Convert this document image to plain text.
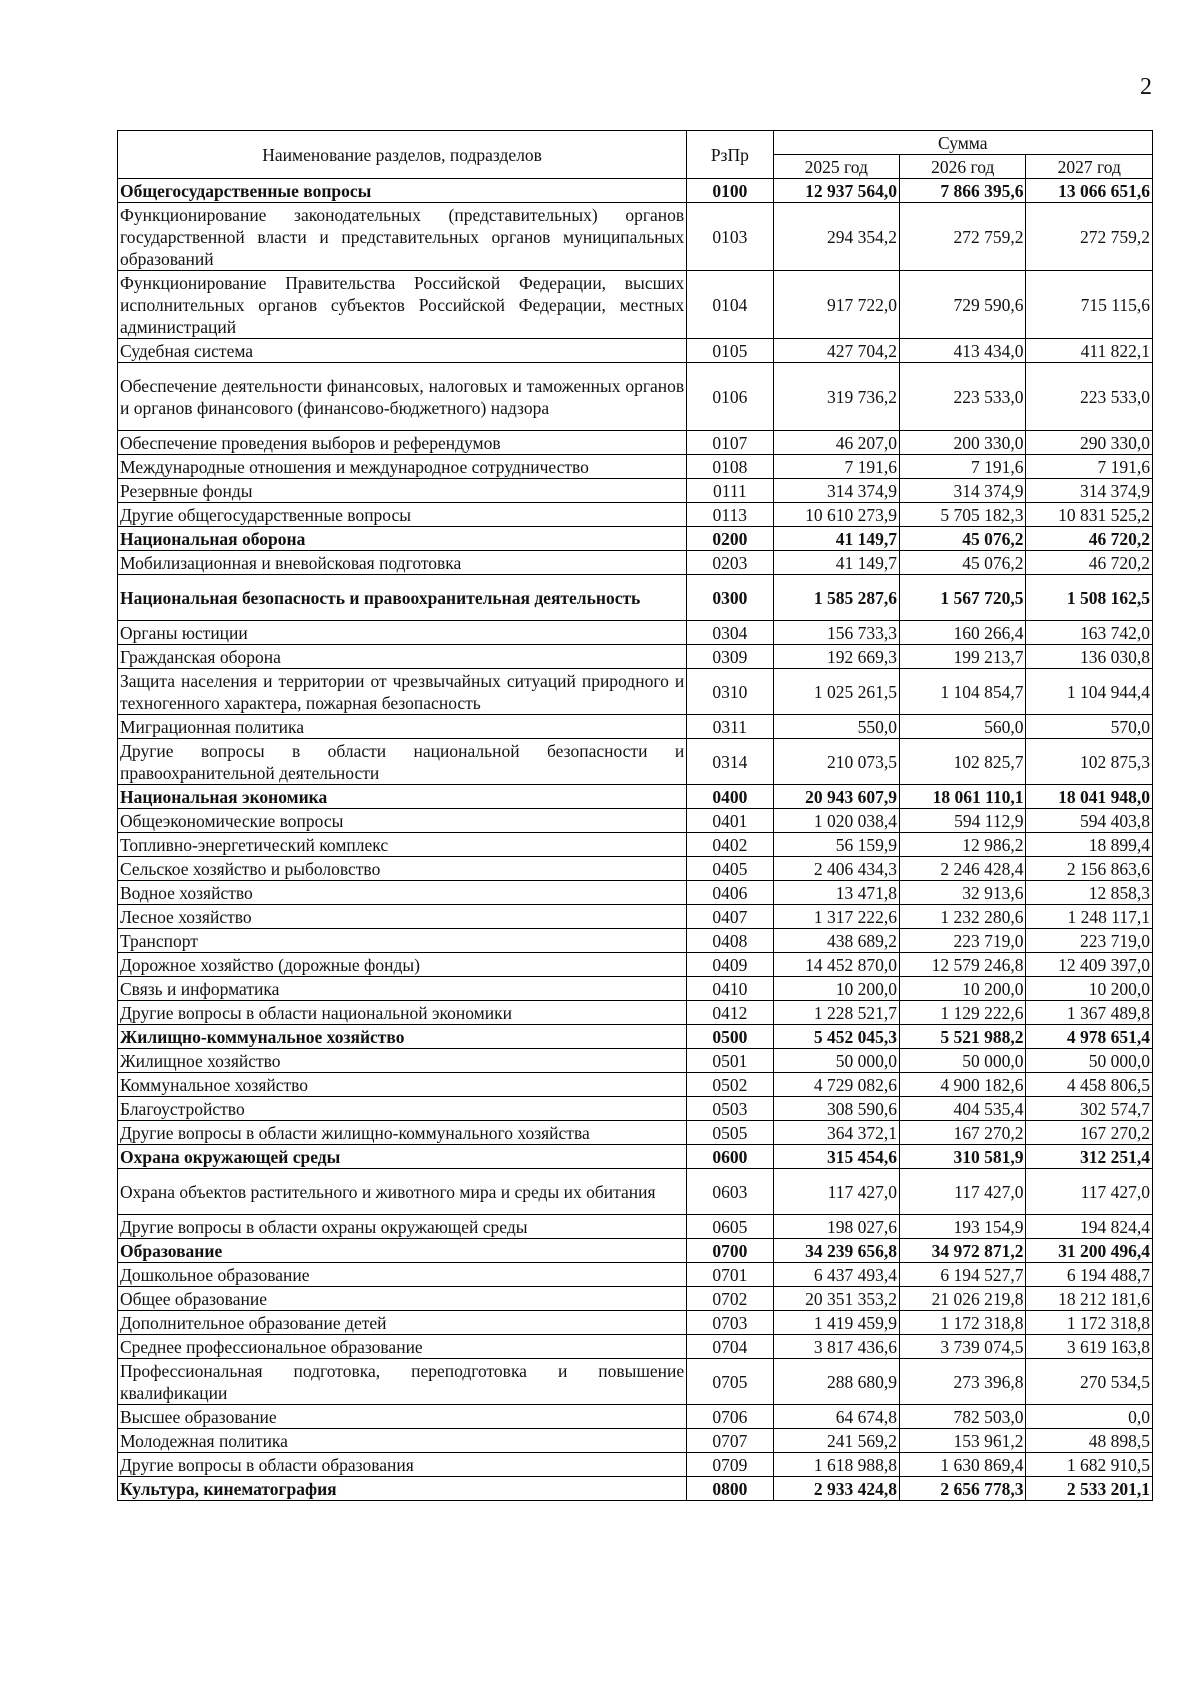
2
Наименование разделов, подразделов	РзПр	Сумма		
		2025 год	2026 год	2027 год
Общегосударственные вопросы	0100	12 937 564,0	7 866 395,6	13 066 651,6
Функционирование законодательных (представительных) органов государственной власти и представительных органов муниципальных образований	0103	294 354,2	272 759,2	272 759,2
Функционирование Правительства Российской Федерации, высших исполнительных органов субъектов Российской Федерации, местных администраций	0104	917 722,0	729 590,6	715 115,6
Судебная система	0105	427 704,2	413 434,0	411 822,1
Обеспечение деятельности финансовых, налоговых и таможенных органов и органов финансового (финансово-бюджетного) надзора	0106	319 736,2	223 533,0	223 533,0
Обеспечение проведения выборов и референдумов	0107	46 207,0	200 330,0	290 330,0
Международные отношения и международное сотрудничество	0108	7 191,6	7 191,6	7 191,6
Резервные фонды	0111	314 374,9	314 374,9	314 374,9
Другие общегосударственные вопросы	0113	10 610 273,9	5 705 182,3	10 831 525,2
Национальная оборона	0200	41 149,7	45 076,2	46 720,2
Мобилизационная и вневойсковая подготовка	0203	41 149,7	45 076,2	46 720,2
Национальная безопасность и правоохранительная деятельность	0300	1 585 287,6	1 567 720,5	1 508 162,5
Органы юстиции	0304	156 733,3	160 266,4	163 742,0
Гражданская оборона	0309	192 669,3	199 213,7	136 030,8
Защита населения и территории от чрезвычайных ситуаций природного и техногенного характера, пожарная безопасность	0310	1 025 261,5	1 104 854,7	1 104 944,4
Миграционная политика	0311	550,0	560,0	570,0
Другие вопросы в области национальной безопасности и правоохранительной деятельности	0314	210 073,5	102 825,7	102 875,3
Национальная экономика	0400	20 943 607,9	18 061 110,1	18 041 948,0
Общеэкономические вопросы	0401	1 020 038,4	594 112,9	594 403,8
Топливно-энергетический комплекс	0402	56 159,9	12 986,2	18 899,4
Сельское хозяйство и рыболовство	0405	2 406 434,3	2 246 428,4	2 156 863,6
Водное хозяйство	0406	13 471,8	32 913,6	12 858,3
Лесное хозяйство	0407	1 317 222,6	1 232 280,6	1 248 117,1
Транспорт	0408	438 689,2	223 719,0	223 719,0
Дорожное хозяйство (дорожные фонды)	0409	14 452 870,0	12 579 246,8	12 409 397,0
Связь и информатика	0410	10 200,0	10 200,0	10 200,0
Другие вопросы в области национальной экономики	0412	1 228 521,7	1 129 222,6	1 367 489,8
Жилищно-коммунальное хозяйство	0500	5 452 045,3	5 521 988,2	4 978 651,4
Жилищное хозяйство	0501	50 000,0	50 000,0	50 000,0
Коммунальное хозяйство	0502	4 729 082,6	4 900 182,6	4 458 806,5
Благоустройство	0503	308 590,6	404 535,4	302 574,7
Другие вопросы в области жилищно-коммунального хозяйства	0505	364 372,1	167 270,2	167 270,2
Охрана окружающей среды	0600	315 454,6	310 581,9	312 251,4
Охрана объектов растительного и животного мира и среды их обитания	0603	117 427,0	117 427,0	117 427,0
Другие вопросы в области охраны окружающей среды	0605	198 027,6	193 154,9	194 824,4
Образование	0700	34 239 656,8	34 972 871,2	31 200 496,4
Дошкольное образование	0701	6 437 493,4	6 194 527,7	6 194 488,7
Общее образование	0702	20 351 353,2	21 026 219,8	18 212 181,6
Дополнительное образование детей	0703	1 419 459,9	1 172 318,8	1 172 318,8
Среднее профессиональное образование	0704	3 817 436,6	3 739 074,5	3 619 163,8
Профессиональная подготовка, переподготовка и повышение квалификации	0705	288 680,9	273 396,8	270 534,5
Высшее образование	0706	64 674,8	782 503,0	0,0
Молодежная политика	0707	241 569,2	153 961,2	48 898,5
Другие вопросы в области образования	0709	1 618 988,8	1 630 869,4	1 682 910,5
Культура, кинематография	0800	2 933 424,8	2 656 778,3	2 533 201,1
